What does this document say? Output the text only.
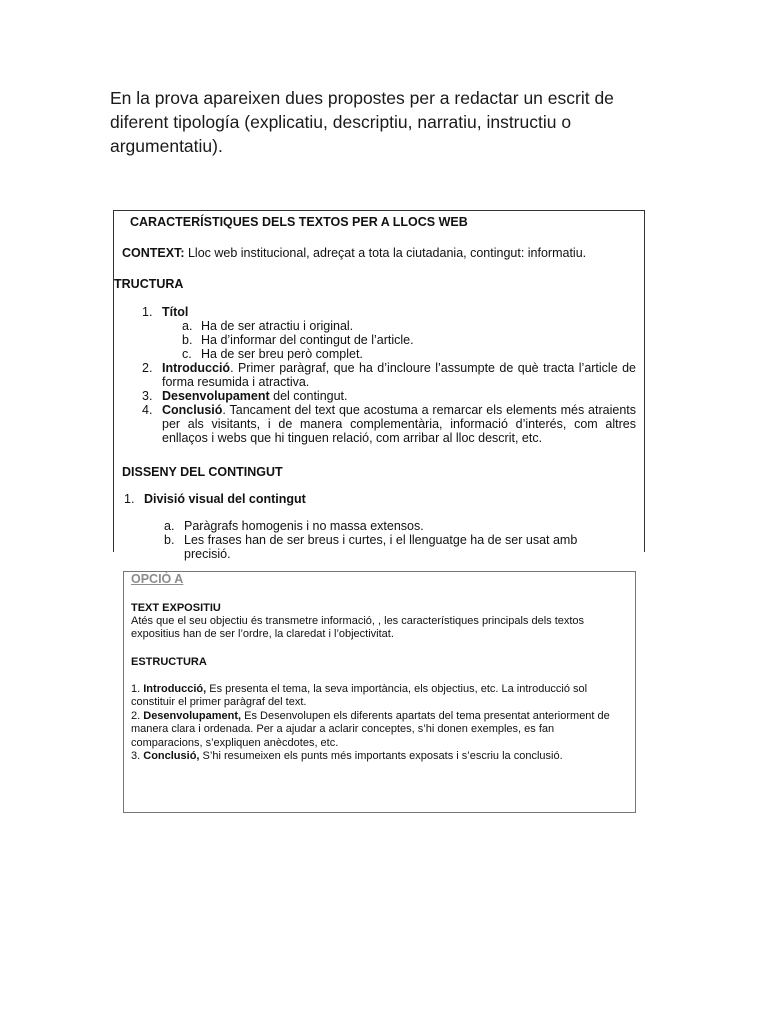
En la prova apareixen dues propostes per a redactar un escrit de diferent tipología (explicatiu, descriptiu, narratiu, instructiu o argumentatiu).
CARACTERÍSTIQUES DELS TEXTOS PER A LLOCS WEB
CONTEXT: Lloc web institucional, adreçat a tota la ciutadania, contingut: informatiu.
TRUCTURA
1. Títol
a. Ha de ser atractiu i original.
b. Ha d’informar del contingut de l’article.
c. Ha de ser breu però complet.
2. Introducció. Primer paràgraf, que ha d’incloure l’assumpte de què tracta l’article de forma resumida i atractiva.
3. Desenvolupament del contingut.
4. Conclusió. Tancament del text que acostuma a remarcar els elements més atraients per als visitants, i de manera complementària, informació d’interés, com altres enllaços i webs que hi tinguen relació, com arribar al lloc descrit, etc.
DISSENY DEL CONTINGUT
1. Divisió visual del contingut
a. Paràgrafs homogenis i no massa extensos.
b. Les frases han de ser breus i curtes, i el llenguatge ha de ser usat amb precisió.
OPCIÓ A
TEXT EXPOSITIU
Atés que el seu objectiu és transmetre informació, , les característiques principals dels textos expositius han de ser l’ordre, la claredat i l’objectivitat.
ESTRUCTURA
1. Introducció, Es presenta el tema, la seva importància, els objectius, etc. La introducció sol constituir el primer paràgraf del text.
2. Desenvolupament, Es Desenvolupen els diferents apartats del tema presentat anteriorment de manera clara i ordenada. Per a ajudar a aclarir conceptes, s’hi donen exemples, es fan comparacions, s’expliquen anècdotes, etc.
3. Conclusió, S’hi resumeixen els punts més importants exposats i s’escriu la conclusió.
